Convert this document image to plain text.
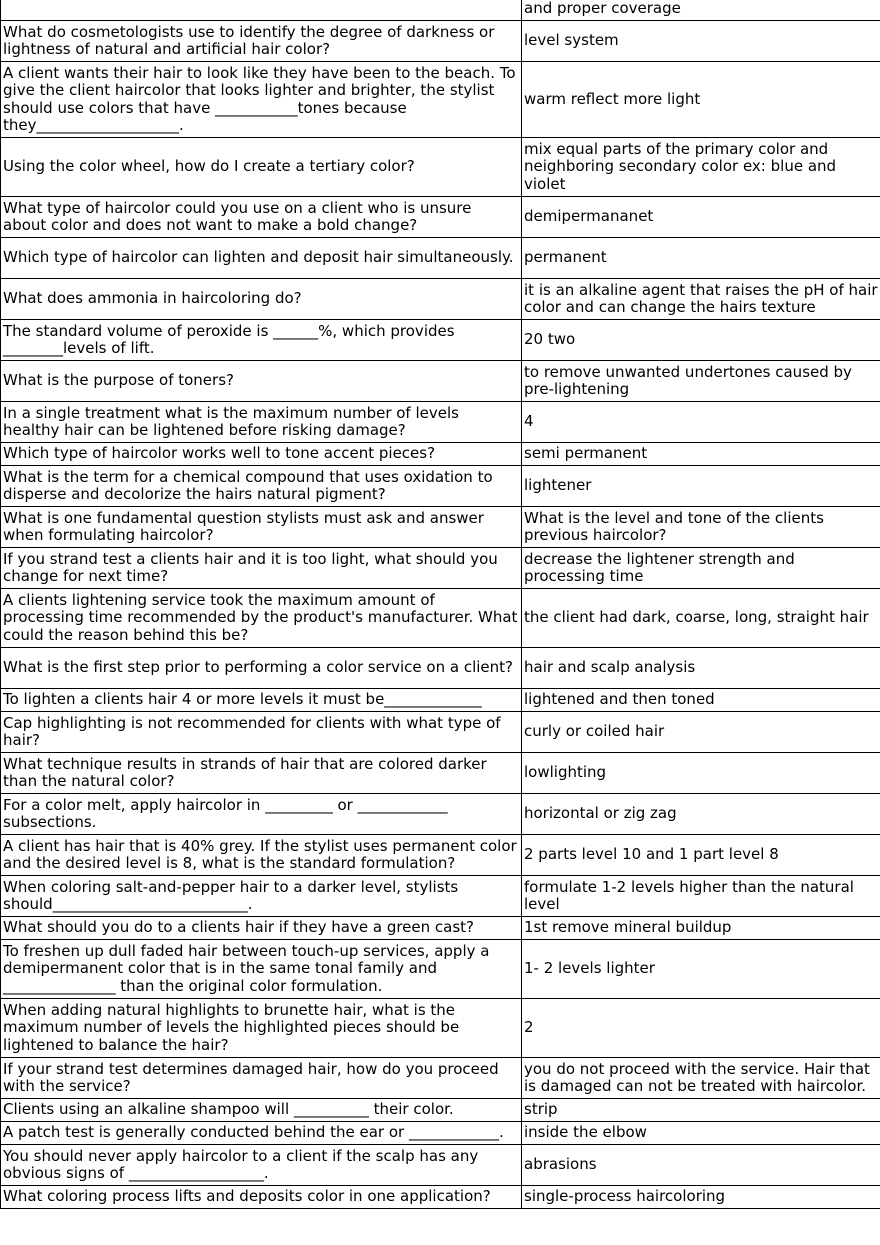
	and proper coverage
What do cosmetologists use to identify the degree of darkness or lightness of natural and artificial hair color?	level system
A client wants their hair to look like they have been to the beach. To give the client haircolor that looks lighter and brighter, the stylist should use colors that have ___________tones because they___________________.	warm reflect more light
Using the color wheel, how do I create a tertiary color?	mix equal parts of the primary color and neighboring secondary color ex: blue and violet
What type of haircolor could you use on a client who is unsure about color and does not want to make a bold change?	demipermananet
Which type of haircolor can lighten and deposit hair simultaneously.	permanent
What does ammonia in haircoloring do?	it is an alkaline agent that raises the pH of hair color and can change the hairs texture
The standard volume of peroxide is ______%, which provides ________levels of lift.	20 two
What is the purpose of toners?	to remove unwanted undertones caused by pre-lightening
In a single treatment what is the maximum number of levels healthy hair can be lightened before risking damage?	4
Which type of haircolor works well to tone accent pieces?	semi permanent
What is the term for a chemical compound that uses oxidation to disperse and decolorize the hairs natural pigment?	lightener
What is one fundamental question stylists must ask and answer when formulating haircolor?	What is the level and tone of the clients previous haircolor?
If you strand test a clients hair and it is too light, what should you change for next time?	decrease the lightener strength and processing time
A clients lightening service took the maximum amount of processing time recommended by the product's manufacturer. What could the reason behind this be?	the client had dark, coarse, long, straight hair
What is the first step prior to performing a color service on a client?	hair and scalp analysis
To lighten a clients hair 4 or more levels it must be_____________	lightened and then toned
Cap highlighting is not recommended for clients with what type of hair?	curly or coiled hair
What technique results in strands of hair that are colored darker than the natural color?	lowlighting
For a color melt, apply haircolor in _________ or ____________ subsections.	horizontal or zig zag
A client has hair that is 40% grey. If the stylist uses permanent color and the desired level is 8, what is the standard formulation?	2 parts level 10 and 1 part level 8
When coloring salt-and-pepper hair to a darker level, stylists should__________________________.	formulate 1-2 levels higher than the natural level
What should you do to a clients hair if they have a green cast?	1st remove mineral buildup
To freshen up dull faded hair between touch-up services, apply a demipermanent color that is in the same tonal family and _______________ than the original color formulation.	1- 2 levels lighter
When adding natural highlights to brunette hair, what is the maximum number of levels the highlighted pieces should be lightened to balance the hair?	2
If your strand test determines damaged hair, how do you proceed with the service?	you do not proceed with the service. Hair that is damaged can not be treated with haircolor.
Clients using an alkaline shampoo will __________ their color.	strip
A patch test is generally conducted behind the ear or ____________.	inside the elbow
You should never apply haircolor to a client if the scalp has any obvious signs of __________________.	abrasions
What coloring process lifts and deposits color in one application?	single-process haircoloring
